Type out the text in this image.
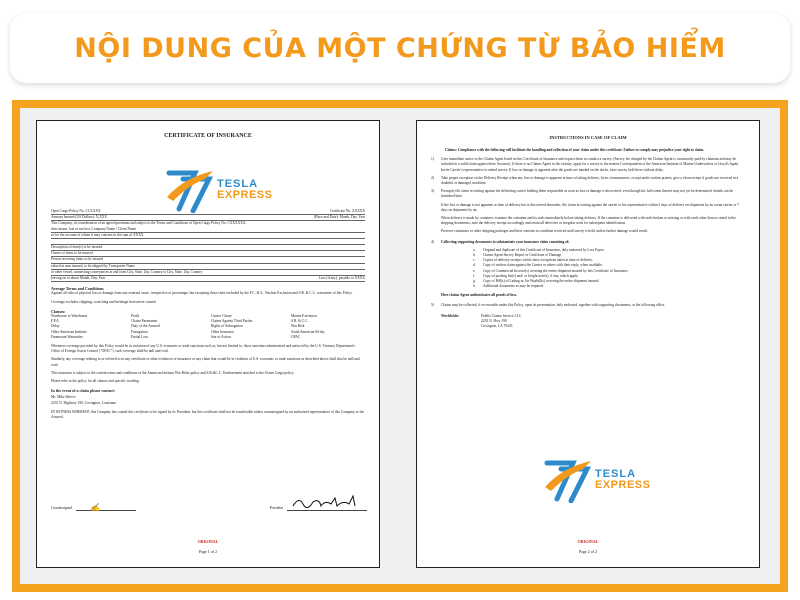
NỘI DUNG CỦA MỘT CHỨNG TỪ BẢO HIỂM
CERTIFICATE OF INSURANCE
TESLA
EXPRESS
Open Cargo Policy No. CULXXX	Certificate No. XXXXX
Amount Insured (US Dollars): X,XXX	(Place and Date): Month, Day, Year
This Company, in consideration of an agreed premium and subject to the Terms and Conditions of Open Cargo Policy No. CXXXXXX,
does insure, lost or not lost, Company Name / Client Name
or for the account of whom it may concern in the sum of XXXX
Description of item(s) to be insured
Owner of items to be insured
Person receiving items to be insured
valued at sum insured, to be shipped by Transporter Name
or other vessel, connecting conveyances at and from City, State, Zip, Country to City, State, Zip, Country
leaving on or about Month, Day, Year	Loss (if any), payable to XXXX
Average Terms and Conditions
Against all risks of physical loss or damage from any external cause, irrespective of percentage, but excepting those risks excluded by the F.C. & S., Nuclear Exclusion and S.R. & C.C. warranties of this Policy.
Coverage excludes chipping, scratching and breakage howsoever caused.
Clauses:
Warehouse to Warehouse	Perils	Carrier Clause	Marine Extension
F.P.A.	Chaise Paramount	Claims Against Third Parties	S.R. & C.C.
Delay	Duty of the Assured	Rights of Subrogation	War Risk
Other American Institute	Fumigation	Other Insurance	South American 60 day
Paramount Warranties	Partial Loss	Sue or Action	OFAC
Whenever coverage provided by this Policy would be in violation of any U.S. economic or trade sanctions such as, but not limited to, those sanctions administered and enforced by the U.S. Treasury Department's Office of Foreign Assets Control ("OFAC"), such coverage shall be null and void.
Similarly, any coverage relating to or referred to in any certificate or other evidences of insurance or any claim that would be in violation of U.S. economic or trade sanctions as described above shall also be null and void.
This insurance is subject to the current terms and conditions of the American Institute War Risks policy and S.R.&C.C. Endorsement attached to the Ocean Cargo policy.
Please refer to the policy for all clauses and specific wording.
In the event of a claim please contact:
Mr. Mike Shreve
2235 N. Highway 190, Covington, Louisiana
IN WITNESS WHEREOF, this Company has caused this certificate to be signed by its President, but this certificate shall not be transferable unless countersigned by an authorized representative of this Company or the Assured.
Countersigned ✍	President
ORIGINAL
Page 1 of 2
INSTRUCTIONS IN CASE OF CLAIM
Claims: Compliance with the following will facilitate the handling and collection of your claim under this certificate. Failure to comply may prejudice your right to claim.
1)	Give immediate notice to the Claims Agent listed on this Certificate of Insurance and request them to conduct a survey. (Survey fee charged by the Claims Agent is customarily paid by claimant and may be included in a valid claim against these Assurers). If there is no Claims Agent in the vicinity, apply for a survey to the nearest Correspondent of the American Institute of Marine Underwriters or Lloyd's Agent. Invite Carrier's representative to attend survey. If loss or damage is apparent after the goods are handed on the docks, have survey held there without delay.
2)	Take proper exception on the Delivery Receipt when any loss or damage is apparent at time of taking delivery. In no circumstances, except under written protest, give a clean receipt if goods are received in a doubtful or damaged condition.
3)	Promptly file claim in writing against the delivering carrier holding them responsible as soon as loss or damage is discovered, even though the full extent thereof may not yet be determined; details can be furnished later.
If the loss or damage is not apparent at time of delivery but is discovered thereafter, file claim in writing against the carrier or his representative within 3 days of delivery on shipments by an ocean carrier or 7 days on shipments by air.
When delivery is made by container, examine the container and its seals immediately before taking delivery. If the container is delivered with seals broken or missing or with seals other than as stated in the shipping documents, note the delivery receipt accordingly and retain all defective or irregular seals for subsequent identification.
Preserve containers or other shipping packages and their contents in condition received until survey is held, unless further damage would result.
4)	Collecting supporting documents to substantiate your insurance claim consisting of:
a.	Original and duplicate of this Certificate of Insurance, duly endorsed by Loss Payee.
b.	Claims Agent Survey Report or Certificate of Damage.
c.	Copies of delivery receipts which show exceptions taken at time of delivery.
d.	Copy of written claim against the Carrier or others with their reply, when available.
e.	Copy of Commercial Invoice(s) covering the entire shipment insured by this Certificate of Insurance.
f.	Copy of packing list(s) and/ or freight note(s), if any, which apply.
g.	Copy of Bill(s) of Lading or Air Waybill(s) covering the entire shipment insured.
h.	Additional documents as may be required.
Here claims Agent authenticates all proofs of loss.
5)	Claims may be collected, if recoverable under this Policy, upon its presentation, duly endorsed, together with supporting documents, at the following office.
Worldwide:	Fidelis Claims Service LLC
2235 N. Hwy 190
Covington, LA 70433
TESLA
EXPRESS
ORIGINAL
Page 2 of 2
